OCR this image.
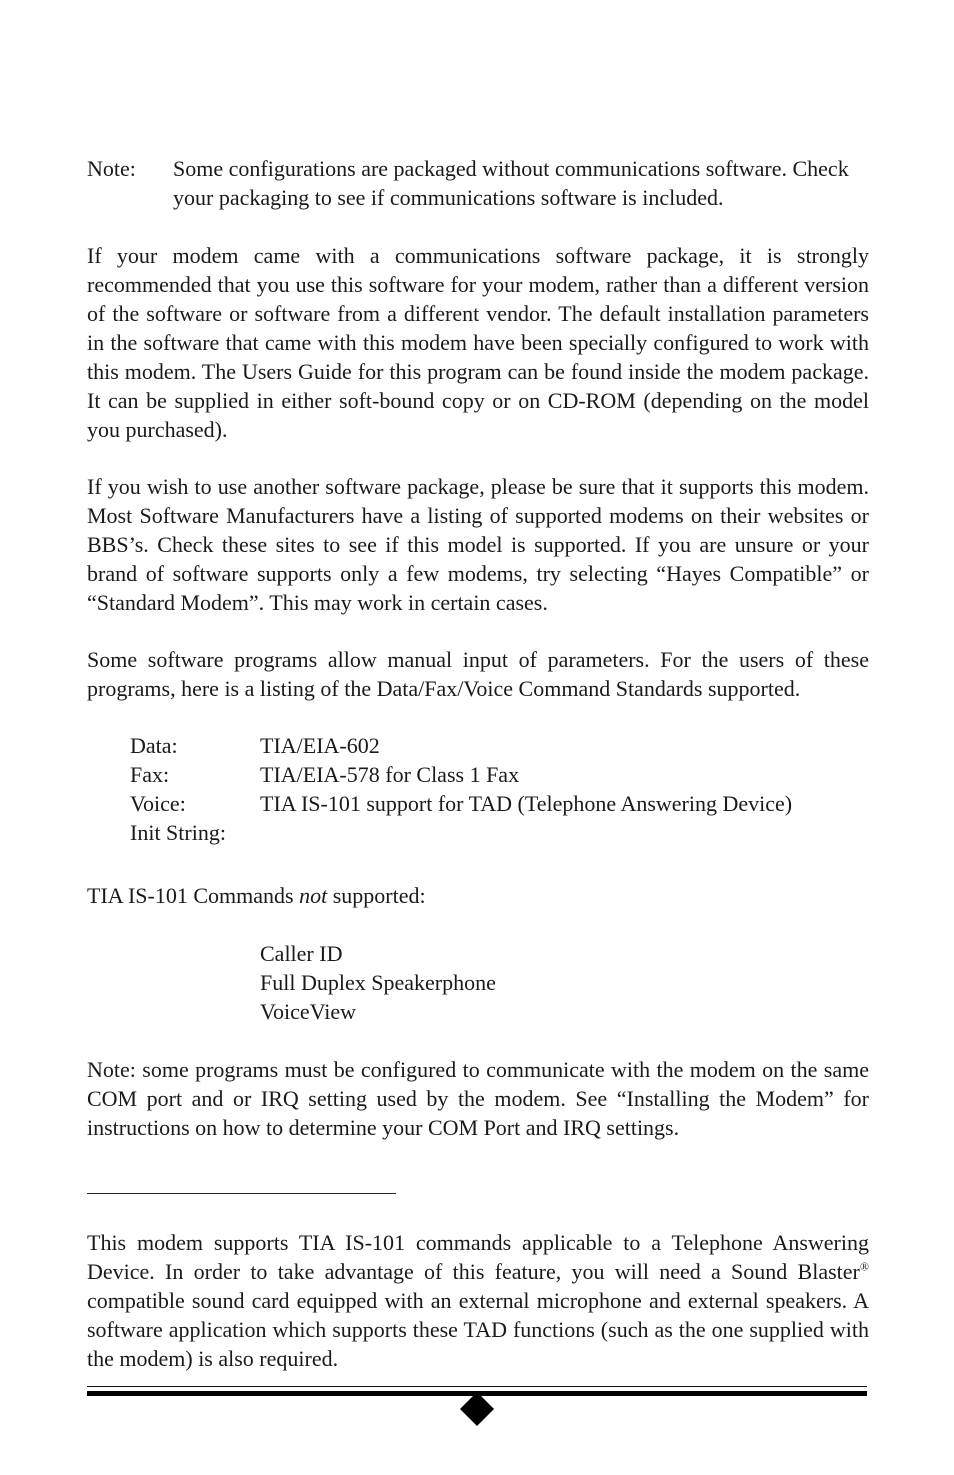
Note: Some configurations are packaged without communications software. Check your packaging to see if communications software is included.

If your modem came with a communications software package, it is strongly recommended that you use this software for your modem, rather than a different version of the software or software from a different vendor. The default installation parameters in the software that came with this modem have been specially configured to work with this modem. The Users Guide for this program can be found inside the modem package. It can be supplied in either soft-bound copy or on CD-ROM (depending on the model you purchased).

If you wish to use another software package, please be sure that it supports this modem. Most Software Manufacturers have a listing of supported modems on their websites or BBS’s. Check these sites to see if this model is supported. If you are unsure or your brand of software supports only a few modems, try selecting “Hayes Compatible” or “Standard Modem”. This may work in certain cases.

Some software programs allow manual input of parameters. For the users of these programs, here is a listing of the Data/Fax/Voice Command Standards supported.

Data:	TIA/EIA-602
Fax:	TIA/EIA-578 for Class 1 Fax
Voice:	TIA IS-101 support for TAD (Telephone Answering Device)
Init String:

TIA IS-101 Commands not supported:

Caller ID
Full Duplex Speakerphone
VoiceView

Note: some programs must be configured to communicate with the modem on the same COM port and or IRQ setting used by the modem. See “Installing the Modem” for instructions on how to determine your COM Port and IRQ settings.

This modem supports TIA IS-101 commands applicable to a Telephone Answering Device. In order to take advantage of this feature, you will need a Sound Blaster® compatible sound card equipped with an external microphone and external speakers. A software application which supports these TAD functions (such as the one supplied with the modem) is also required.
